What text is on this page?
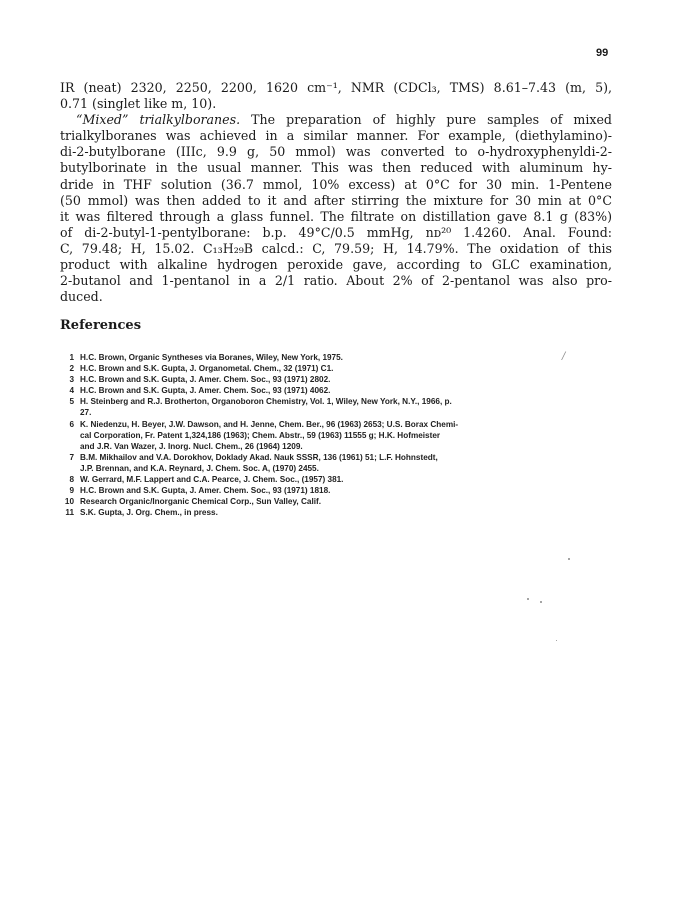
99
IR (neat) 2320, 2250, 2200, 1620 cm⁻¹, NMR (CDCl₃, TMS) 8.61–7.43 (m, 5),
0.71 (singlet like m, 10).
“Mixed” trialkylboranes. The preparation of highly pure samples of mixed
trialkylboranes was achieved in a similar manner. For example, (diethylamino)-
di-2-butylborane (IIIc, 9.9 g, 50 mmol) was converted to o-hydroxyphenyldi-2-
butylborinate in the usual manner. This was then reduced with aluminum hy-
dride in THF solution (36.7 mmol, 10% excess) at 0°C for 30 min. 1-Pentene
(50 mmol) was then added to it and after stirring the mixture for 30 min at 0°C
it was filtered through a glass funnel. The filtrate on distillation gave 8.1 g (83%)
of di-2-butyl-1-pentylborane: b.p. 49°C/0.5 mmHg, nᴅ²⁰ 1.4260. Anal. Found:
C, 79.48; H, 15.02. C₁₃H₂₉B calcd.: C, 79.59; H, 14.79%. The oxidation of this
product with alkaline hydrogen peroxide gave, according to GLC examination,
2-butanol and 1-pentanol in a 2/1 ratio. About 2% of 2-pentanol was also pro-
duced.
References
1 H.C. Brown, Organic Syntheses via Boranes, Wiley, New York, 1975.
2 H.C. Brown and S.K. Gupta, J. Organometal. Chem., 32 (1971) C1.
3 H.C. Brown and S.K. Gupta, J. Amer. Chem. Soc., 93 (1971) 2802.
4 H.C. Brown and S.K. Gupta, J. Amer. Chem. Soc., 93 (1971) 4062.
5 H. Steinberg and R.J. Brotherton, Organoboron Chemistry, Vol. 1, Wiley, New York, N.Y., 1966, p.
27.
6 K. Niedenzu, H. Beyer, J.W. Dawson, and H. Jenne, Chem. Ber., 96 (1963) 2653; U.S. Borax Chemi-
cal Corporation, Fr. Patent 1,324,186 (1963); Chem. Abstr., 59 (1963) 11555 g; H.K. Hofmeister
and J.R. Van Wazer, J. Inorg. Nucl. Chem., 26 (1964) 1209.
7 B.M. Mikhailov and V.A. Dorokhov, Doklady Akad. Nauk SSSR, 136 (1961) 51; L.F. Hohnstedt,
J.P. Brennan, and K.A. Reynard, J. Chem. Soc. A, (1970) 2455.
8 W. Gerrard, M.F. Lappert and C.A. Pearce, J. Chem. Soc., (1957) 381.
9 H.C. Brown and S.K. Gupta, J. Amer. Chem. Soc., 93 (1971) 1818.
10 Research Organic/Inorganic Chemical Corp., Sun Valley, Calif.
11 S.K. Gupta, J. Org. Chem., in press.
/
